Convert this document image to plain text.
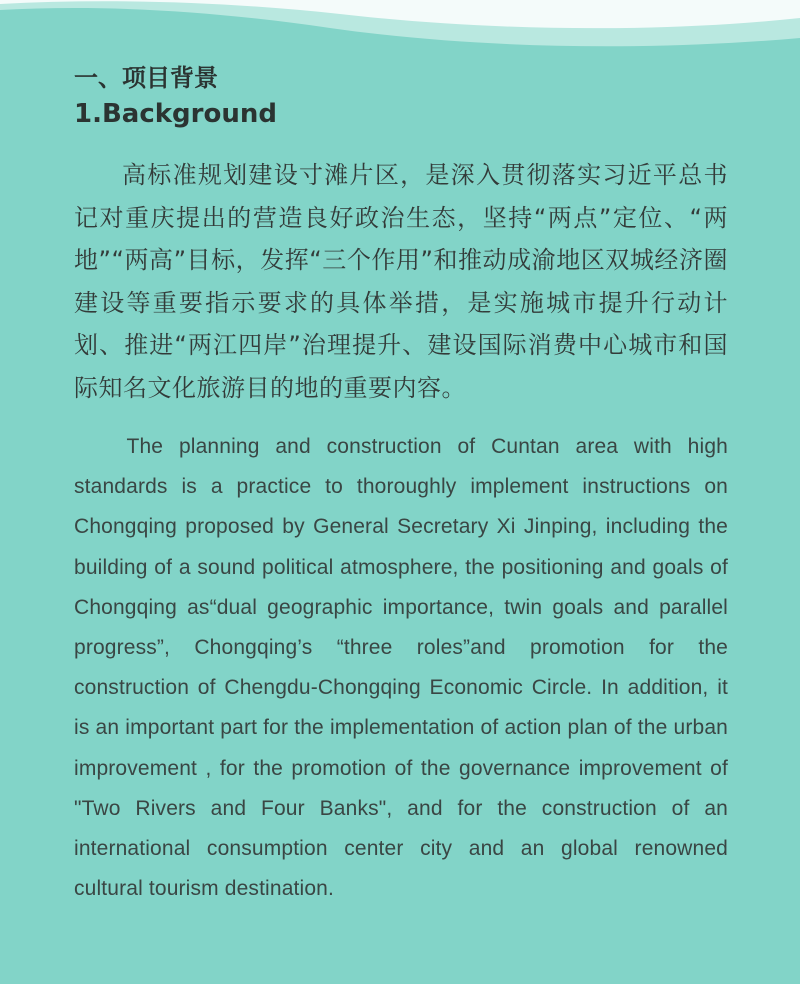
一、项目背景
1.Background

高标准规划建设寸滩片区，是深入贯彻落实习近平总书记对重庆提出的营造良好政治生态，坚持“两点”定位、“两地”“两高”目标，发挥“三个作用”和推动成渝地区双城经济圈建设等重要指示要求的具体举措，是实施城市提升行动计划、推进“两江四岸”治理提升、建设国际消费中心城市和国际知名文化旅游目的地的重要内容。

The planning and construction of Cuntan area with high standards is a practice to thoroughly implement instructions on Chongqing proposed by General Secretary Xi Jinping, including the building of a sound political atmosphere, the positioning and goals of Chongqing as“dual geographic importance, twin goals and parallel progress”, Chongqing’s “three roles”and promotion for the construction of Chengdu-Chongqing Economic Circle. In addition, it is an important part for the implementation of action plan of the urban improvement , for the promotion of the governance improvement of "Two Rivers and Four Banks", and for the construction of an international consumption center city and an global renowned cultural tourism destination.
